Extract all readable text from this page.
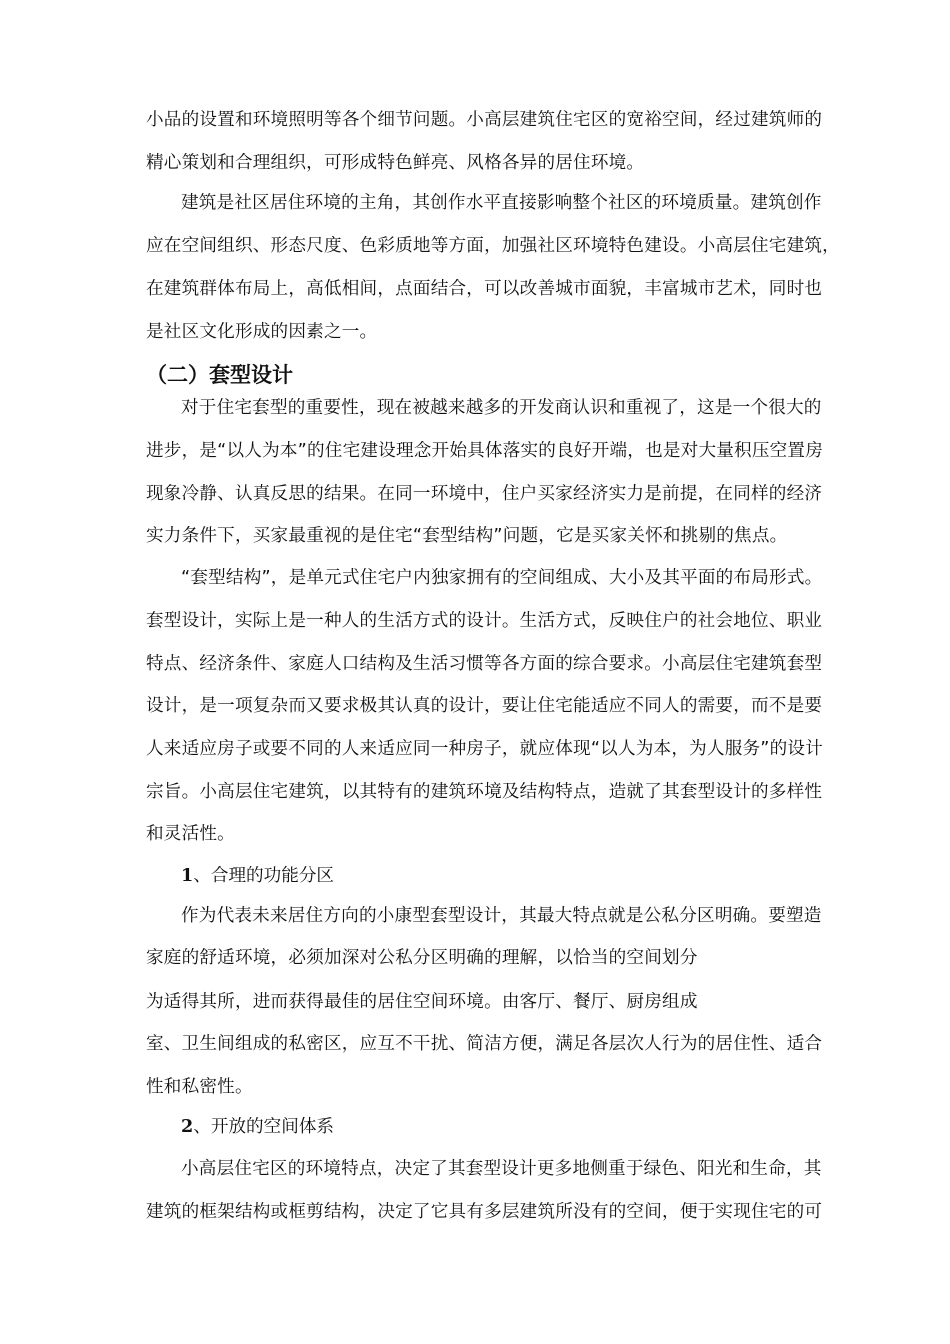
小品的设置和环境照明等各个细节问题。小高层建筑住宅区的宽裕空间，经过建筑师的
精心策划和合理组织，可形成特色鲜亮、风格各异的居住环境。
建筑是社区居住环境的主角，其创作水平直接影响整个社区的环境质量。建筑创作
应在空间组织、形态尺度、色彩质地等方面，加强社区环境特色建设。小高层住宅建筑，
在建筑群体布局上，高低相间，点面结合，可以改善城市面貌，丰富城市艺术，同时也
是社区文化形成的因素之一。
（二）套型设计
对于住宅套型的重要性，现在被越来越多的开发商认识和重视了，这是一个很大的
进步，是“以人为本”的住宅建设理念开始具体落实的良好开端，也是对大量积压空置房
现象冷静、认真反思的结果。在同一环境中，住户买家经济实力是前提，在同样的经济
实力条件下，买家最重视的是住宅“套型结构”问题，它是买家关怀和挑剔的焦点。
“套型结构”，是单元式住宅户内独家拥有的空间组成、大小及其平面的布局形式。
套型设计，实际上是一种人的生活方式的设计。生活方式，反映住户的社会地位、职业
特点、经济条件、家庭人口结构及生活习惯等各方面的综合要求。小高层住宅建筑套型
设计，是一项复杂而又要求极其认真的设计，要让住宅能适应不同人的需要，而不是要
人来适应房子或要不同的人来适应同一种房子，就应体现“以人为本，为人服务”的设计
宗旨。小高层住宅建筑，以其特有的建筑环境及结构特点，造就了其套型设计的多样性
和灵活性。
1、合理的功能分区
作为代表未来居住方向的小康型套型设计，其最大特点就是公私分区明确。要塑造
家庭的舒适环境，必须加深对公私分区明确的理解，以恰当的空间划分
为适得其所，进而获得最佳的居住空间环境。由客厅、餐厅、厨房组成
室、卫生间组成的私密区，应互不干扰、简洁方便，满足各层次人行为的居住性、适合
性和私密性。
2、开放的空间体系
小高层住宅区的环境特点，决定了其套型设计更多地侧重于绿色、阳光和生命，其
建筑的框架结构或框剪结构，决定了它具有多层建筑所没有的空间，便于实现住宅的可
